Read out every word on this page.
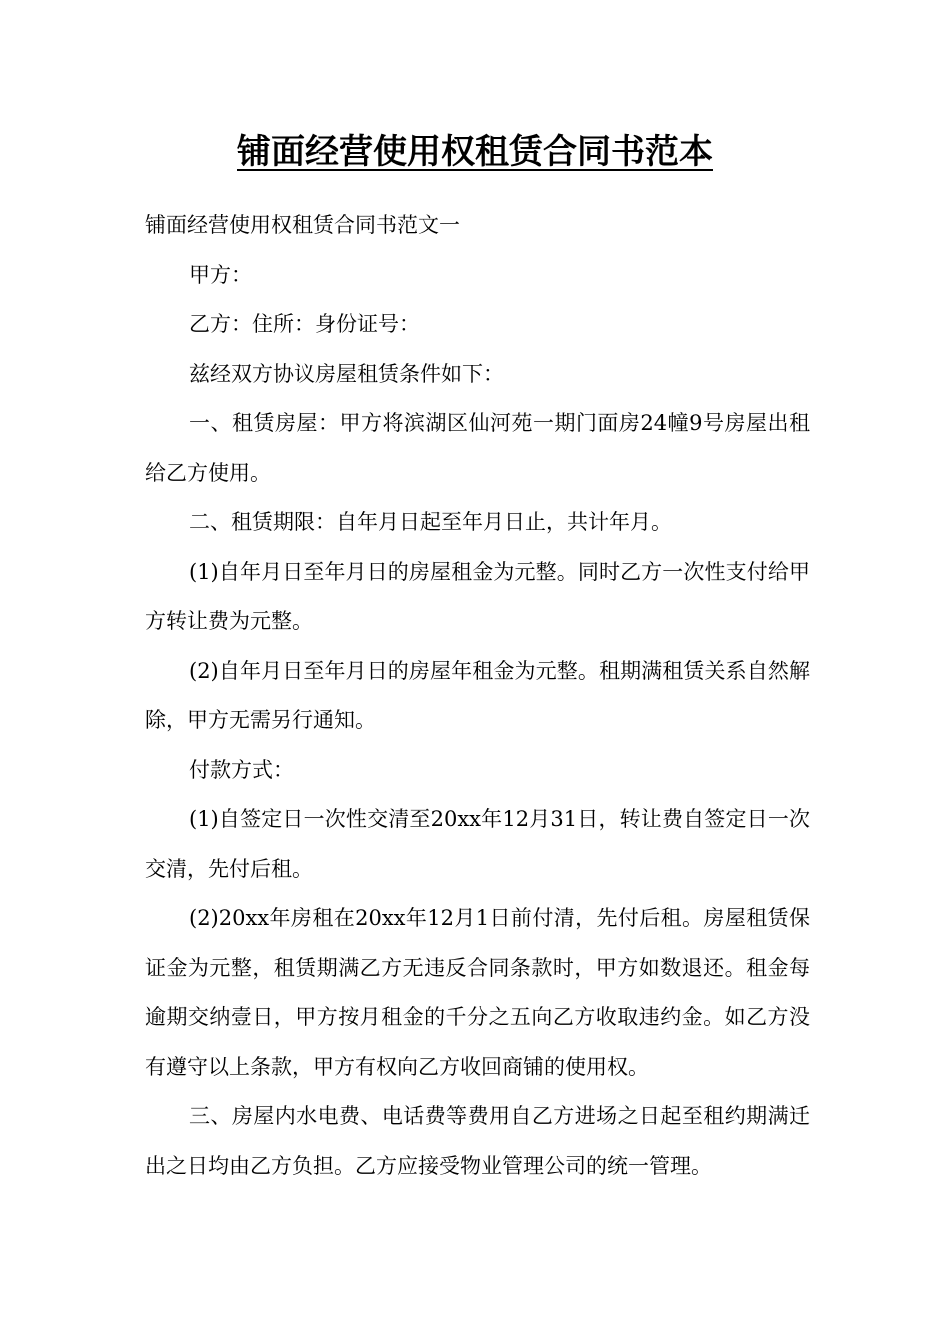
铺面经营使用权租赁合同书范本

铺面经营使用权租赁合同书范文一

甲方：

乙方：住所：身份证号：

兹经双方协议房屋租赁条件如下：

一、租赁房屋：甲方将滨湖区仙河苑一期门面房24幢9号房屋出租给乙方使用。

二、租赁期限：自年月日起至年月日止，共计年月。

(1)自年月日至年月日的房屋租金为元整。同时乙方一次性支付给甲方转让费为元整。

(2)自年月日至年月日的房屋年租金为元整。租期满租赁关系自然解除，甲方无需另行通知。

付款方式：

(1)自签定日一次性交清至20xx年12月31日，转让费自签定日一次交清，先付后租。

(2)20xx年房租在20xx年12月1日前付清，先付后租。房屋租赁保证金为元整，租赁期满乙方无违反合同条款时，甲方如数退还。租金每逾期交纳壹日，甲方按月租金的千分之五向乙方收取违约金。如乙方没有遵守以上条款，甲方有权向乙方收回商铺的使用权。

三、房屋内水电费、电话费等费用自乙方进场之日起至租约期满迁出之日均由乙方负担。乙方应接受物业管理公司的统一管理。
